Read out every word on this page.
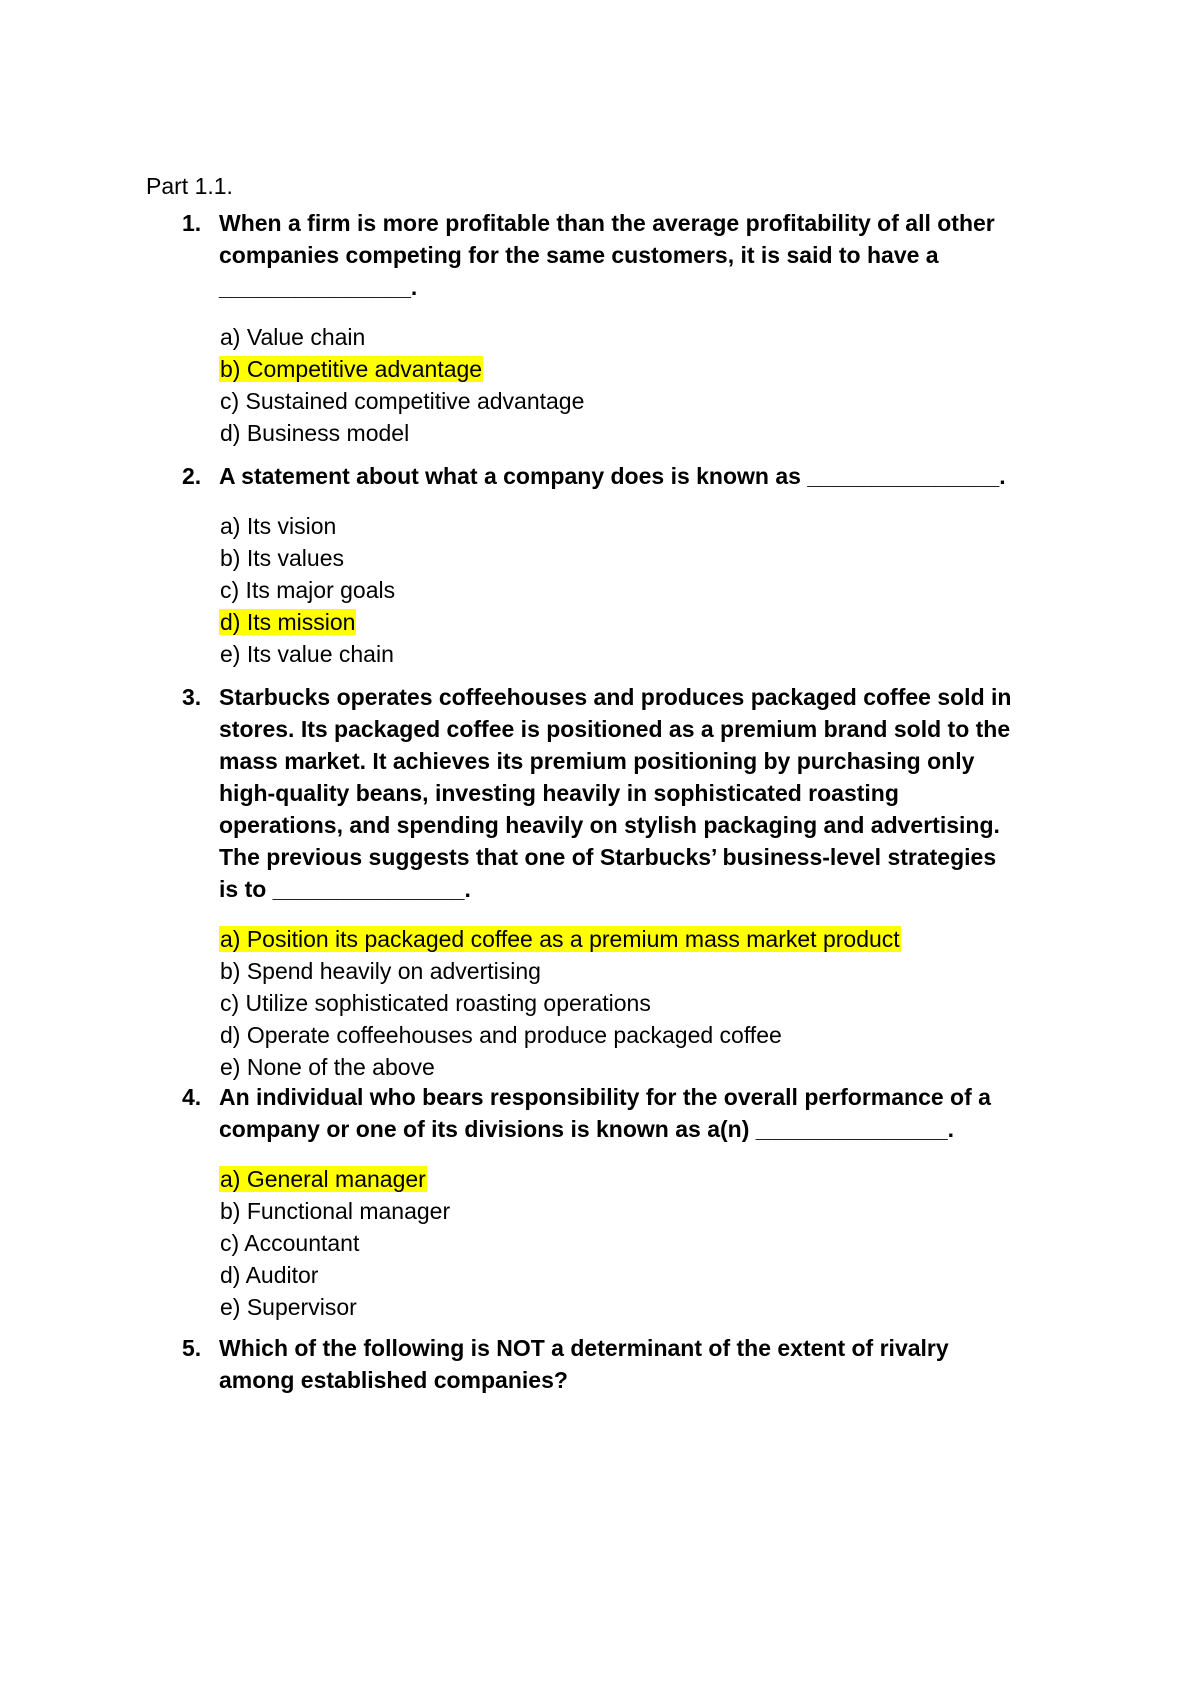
Part 1.1.
1. When a firm is more profitable than the average profitability of all other
companies competing for the same customers, it is said to have a
_______________.
a) Value chain
b) Competitive advantage
c) Sustained competitive advantage
d) Business model
2. A statement about what a company does is known as _______________.
a) Its vision
b) Its values
c) Its major goals
d) Its mission
e) Its value chain
3. Starbucks operates coffeehouses and produces packaged coffee sold in
stores. Its packaged coffee is positioned as a premium brand sold to the
mass market. It achieves its premium positioning by purchasing only
high-quality beans, investing heavily in sophisticated roasting
operations, and spending heavily on stylish packaging and advertising.
The previous suggests that one of Starbucks’ business-level strategies
is to _______________.
a) Position its packaged coffee as a premium mass market product
b) Spend heavily on advertising
c) Utilize sophisticated roasting operations
d) Operate coffeehouses and produce packaged coffee
e) None of the above
4. An individual who bears responsibility for the overall performance of a
company or one of its divisions is known as a(n) _______________.
a) General manager
b) Functional manager
c) Accountant
d) Auditor
e) Supervisor
5. Which of the following is NOT a determinant of the extent of rivalry
among established companies?
